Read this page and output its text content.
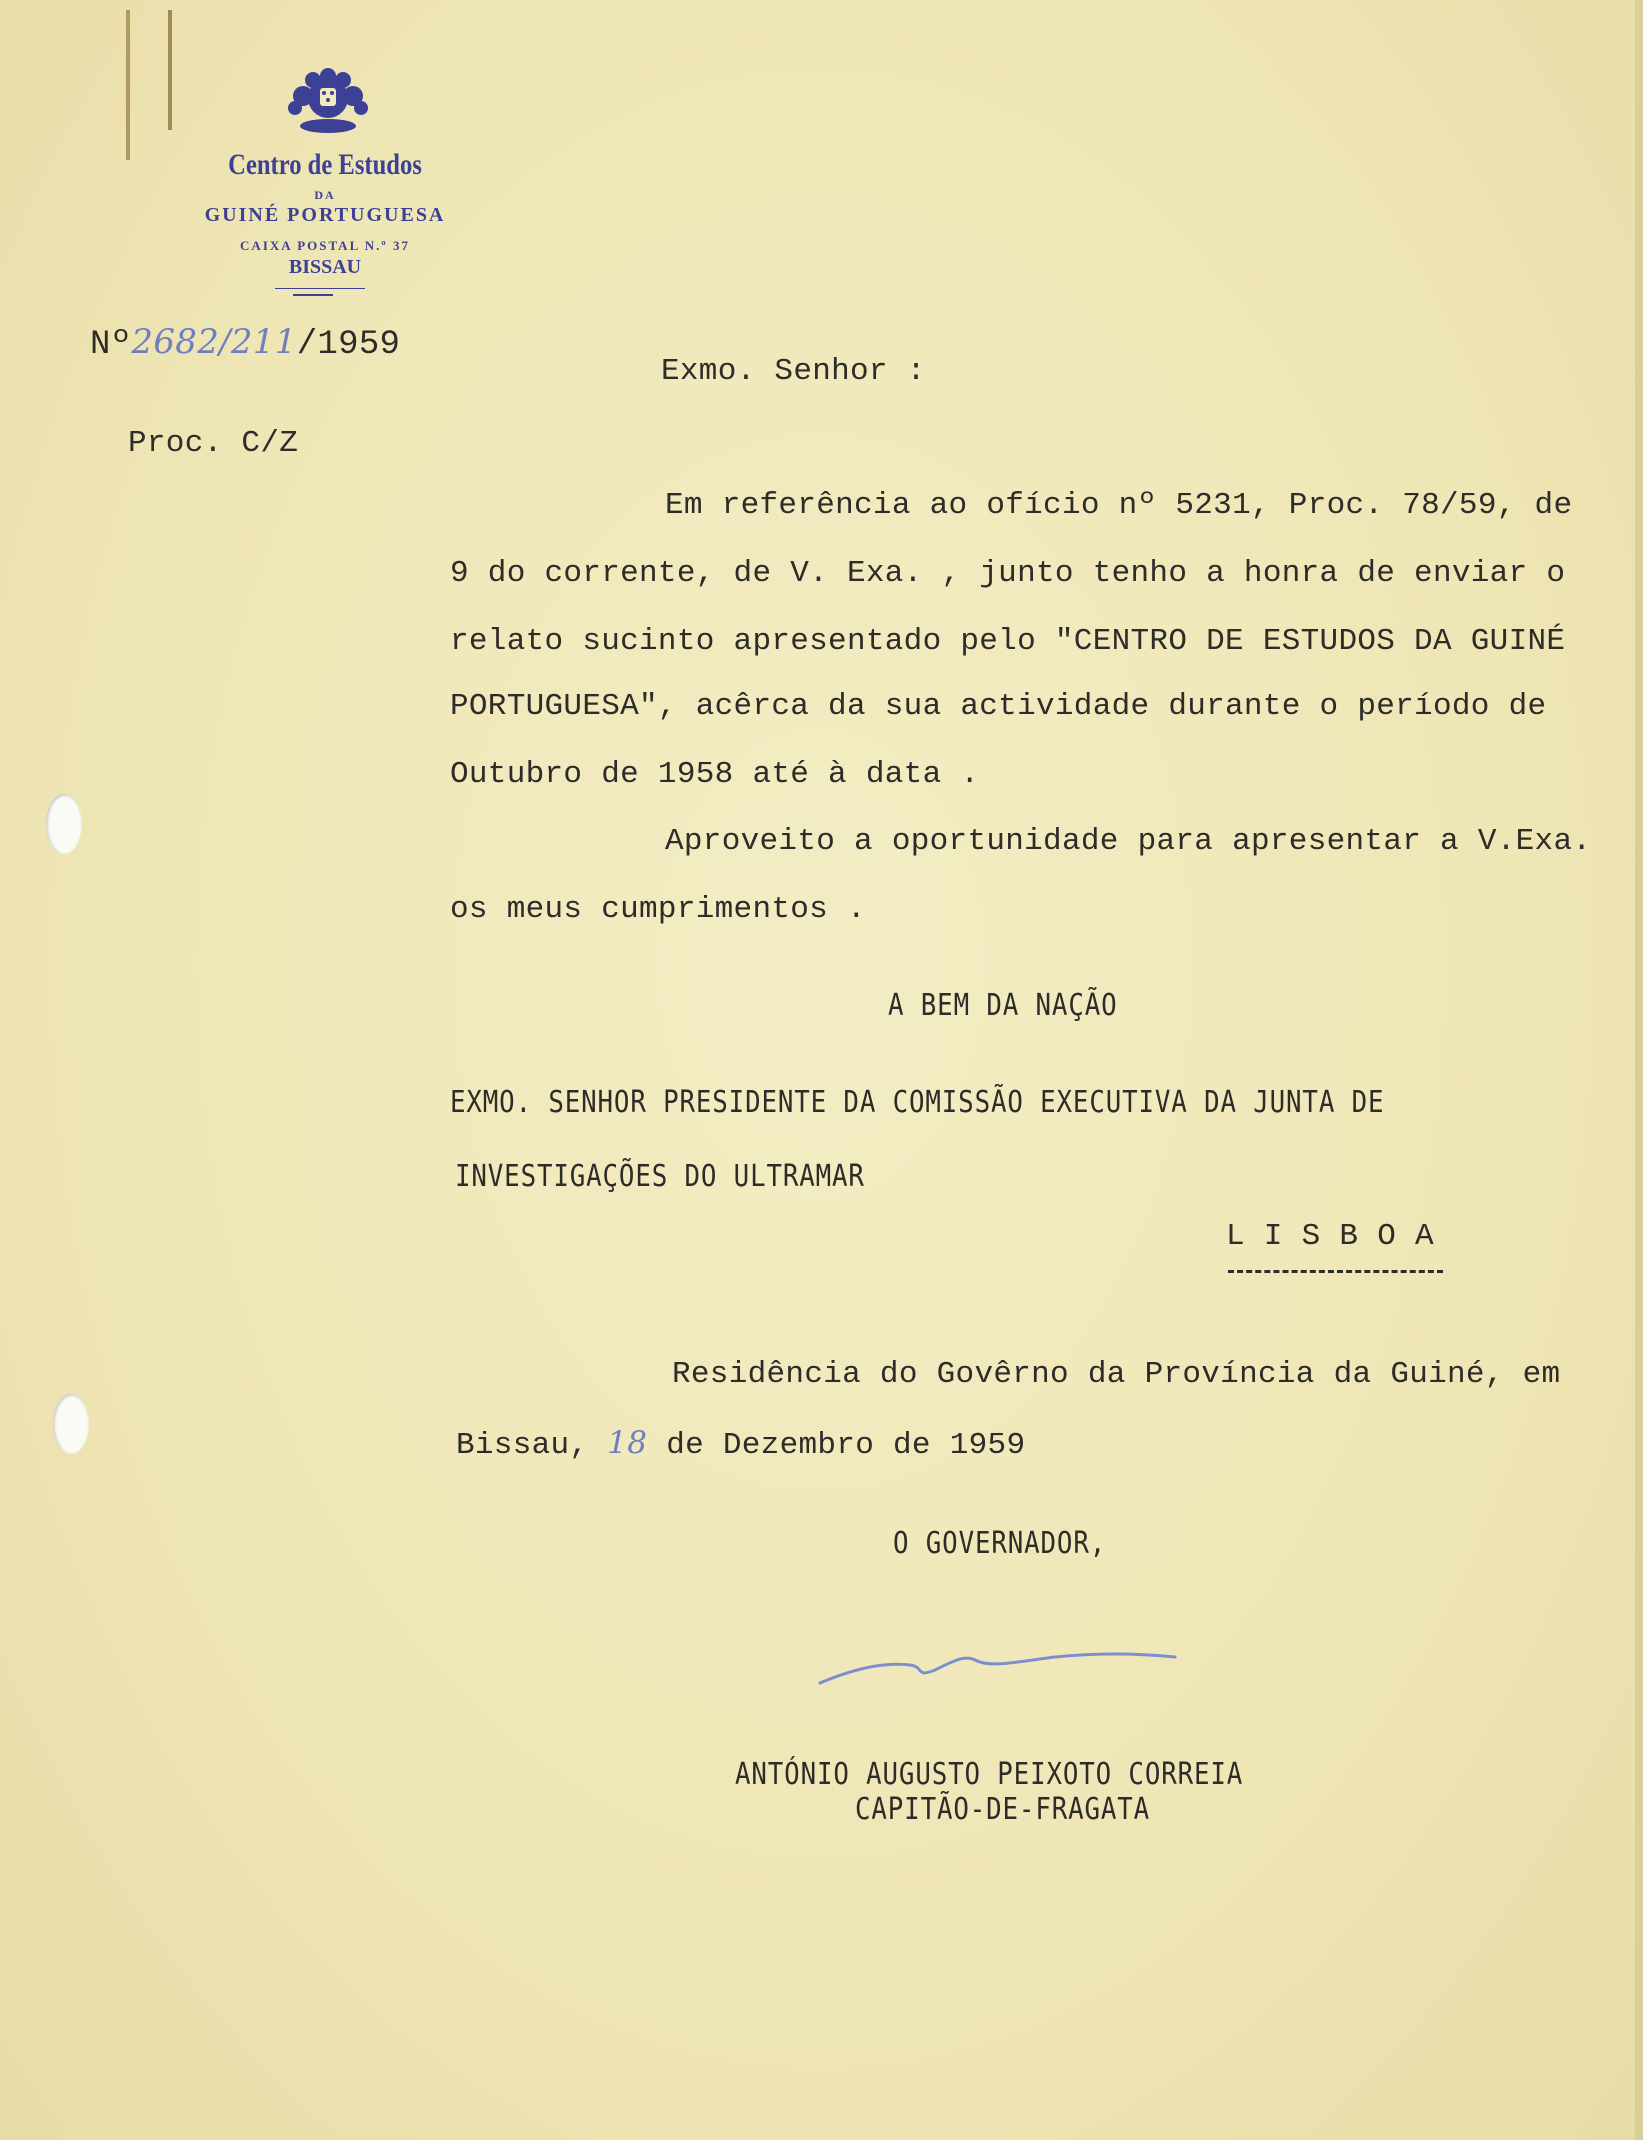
Centro de Estudos
DA
GUINÉ PORTUGUESA
CAIXA POSTAL N.º 37
BISSAU
Nº2682/211/1959
Proc. C/Z
Exmo. Senhor :
Em referência ao ofício nº 5231, Proc. 78/59, de
9 do corrente, de V. Exa. , junto tenho a honra de enviar o
relato sucinto apresentado pelo "CENTRO DE ESTUDOS DA GUINÉ
PORTUGUESA", acêrca da sua actividade durante o período de
Outubro de 1958 até à data .
Aproveito a oportunidade para apresentar a V.Exa.
os meus cumprimentos .
A BEM DA NAÇÃO
EXMO. SENHOR PRESIDENTE DA COMISSÃO EXECUTIVA DA JUNTA DE
INVESTIGAÇÕES DO ULTRAMAR
L I S B O A
Residência do Govêrno da Província da Guiné, em
Bissau, 18 de Dezembro de 1959
O GOVERNADOR,
ANTÓNIO AUGUSTO PEIXOTO CORREIA
CAPITÃO-DE-FRAGATA
